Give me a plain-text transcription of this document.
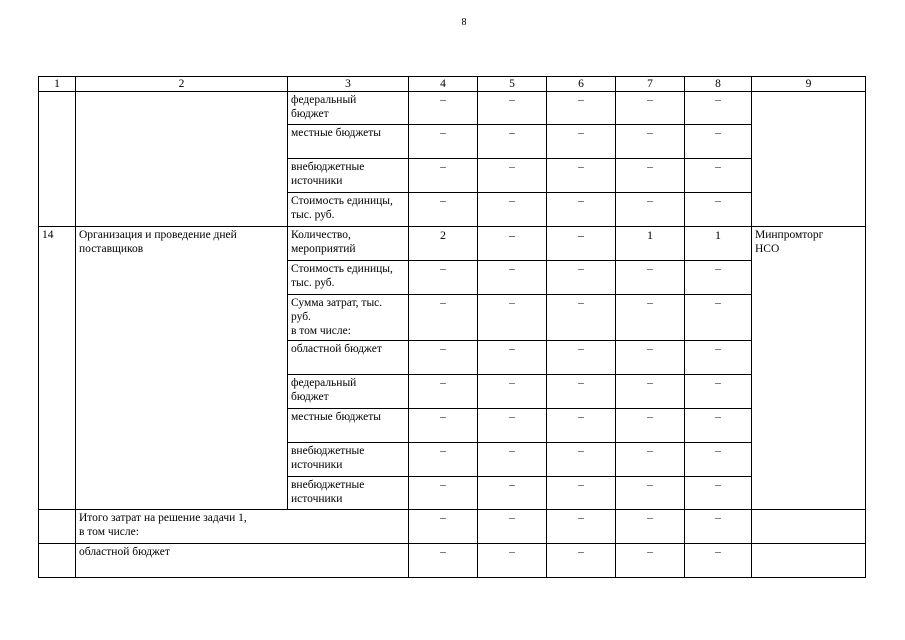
8
1	2	3	4	5	6	7	8	9
		федеральный
бюджет	–	–	–	–	–	
		местные бюджеты	–	–	–	–	–	
		внебюджетные
источники	–	–	–	–	–	
		Стоимость единицы,
тыс. руб.	–	–	–	–	–	
14	Организация и проведение дней поставщиков	Количество,
мероприятий	2	–	–	1	1	Минпромторг
НСО
		Стоимость единицы,
тыс. руб.	–	–	–	–	–	
		Сумма затрат, тыс.
руб.
в том числе:	–	–	–	–	–	
		областной бюджет	–	–	–	–	–	
		федеральный
бюджет	–	–	–	–	–	
		местные бюджеты	–	–	–	–	–	
		внебюджетные
источники	–	–	–	–	–	
		внебюджетные
источники	–	–	–	–	–	
	Итого затрат на решение задачи 1,
в том числе:		–	–	–	–	–	
	областной бюджет		–	–	–	–	–	
